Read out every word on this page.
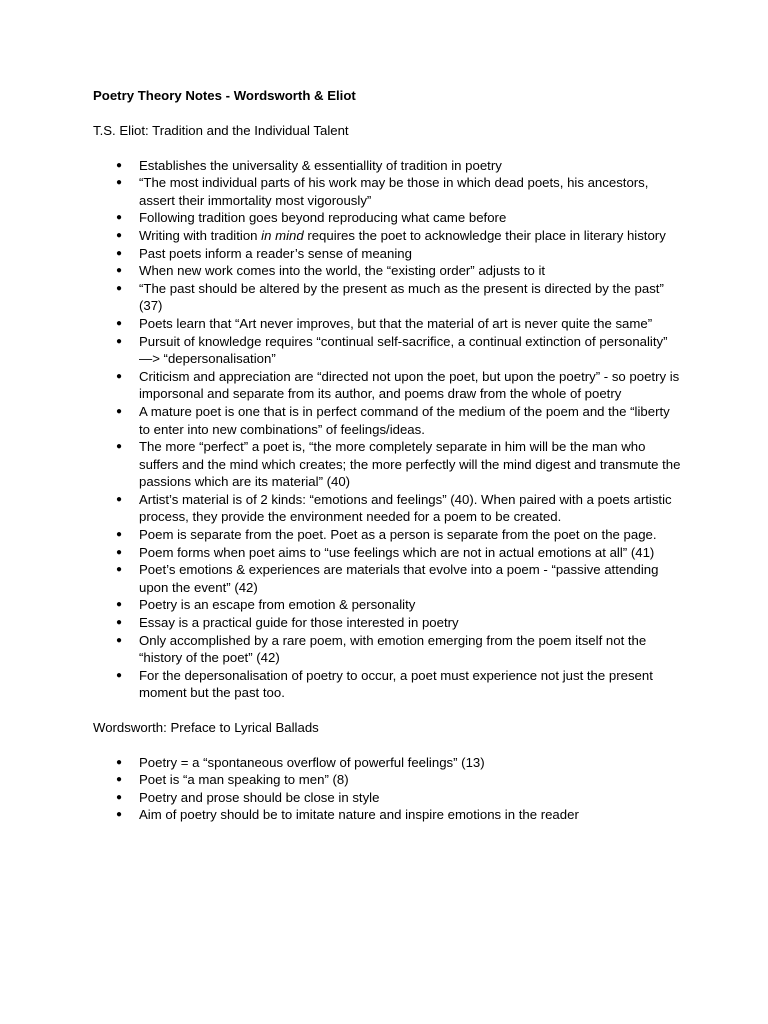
Poetry Theory Notes - Wordsworth & Eliot

T.S. Eliot: Tradition and the Individual Talent

● Establishes the universality & essentiallity of tradition in poetry
● “The most individual parts of his work may be those in which dead poets, his ancestors, assert their immortality most vigorously”
● Following tradition goes beyond reproducing what came before
● Writing with tradition in mind requires the poet to acknowledge their place in literary history
● Past poets inform a reader’s sense of meaning
● When new work comes into the world, the “existing order” adjusts to it
● “The past should be altered by the present as much as the present is directed by the past” (37)
● Poets learn that “Art never improves, but that the material of art is never quite the same”
● Pursuit of knowledge requires “continual self-sacrifice, a continual extinction of personality” —> “depersonalisation”
● Criticism and appreciation are “directed not upon the poet, but upon the poetry” - so poetry is imporsonal and separate from its author, and poems draw from the whole of poetry
● A mature poet is one that is in perfect command of the medium of the poem and the “liberty to enter into new combinations” of feelings/ideas.
● The more “perfect” a poet is, “the more completely separate in him will be the man who suffers and the mind which creates; the more perfectly will the mind digest and transmute the passions which are its material” (40)
● Artist’s material is of 2 kinds: “emotions and feelings” (40). When paired with a poets artistic process, they provide the environment needed for a poem to be created.
● Poem is separate from the poet. Poet as a person is separate from the poet on the page.
● Poem forms when poet aims to “use feelings which are not in actual emotions at all” (41)
● Poet’s emotions & experiences are materials that evolve into a poem - “passive attending upon the event” (42)
● Poetry is an escape from emotion & personality
● Essay is a practical guide for those interested in poetry
● Only accomplished by a rare poem, with emotion emerging from the poem itself not the “history of the poet” (42)
● For the depersonalisation of poetry to occur, a poet must experience not just the present moment but the past too.

Wordsworth: Preface to Lyrical Ballads

● Poetry = a “spontaneous overflow of powerful feelings” (13)
● Poet is “a man speaking to men” (8)
● Poetry and prose should be close in style
● Aim of poetry should be to imitate nature and inspire emotions in the reader
